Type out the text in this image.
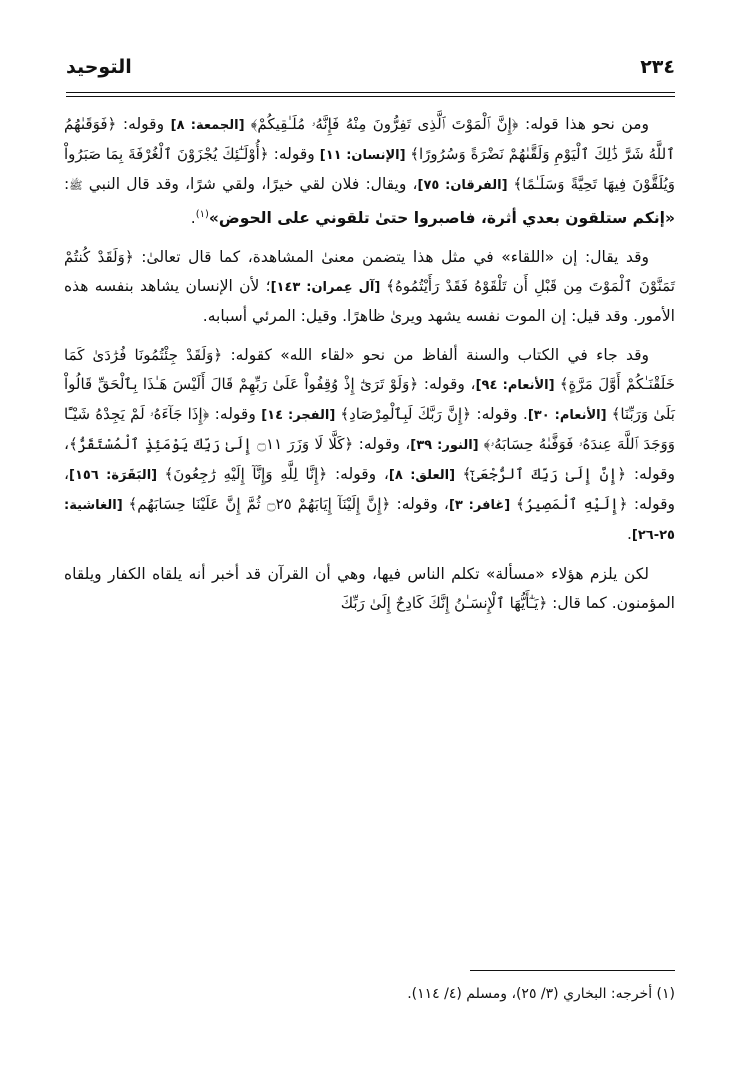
٢٣٤
التوحيد

ومن نحو هذا قوله: ﴿إِنَّ ٱلْمَوْتَ ٱلَّذِى تَفِرُّونَ مِنْهُ فَإِنَّهُۥ مُلَـٰقِيكُمْ﴾ [الجمعة: ٨] وقوله: ﴿فَوَقَىٰهُمُ ٱللَّهُ شَرَّ ذَٰلِكَ ٱلْيَوْمِ وَلَقَّىٰهُمْ نَضْرَةً وَسُرُورًا﴾ [الإنسان: ١١] وقوله: ﴿أُوْلَـٰٓئِكَ يُجْزَوْنَ ٱلْغُرْفَةَ بِمَا صَبَرُواْ وَيُلَقَّوْنَ فِيهَا تَحِيَّةً وَسَلَـٰمًا﴾ [الفرقان: ٧٥]، ويقال: فلان لقي خيرًا، ولقي شرًا، وقد قال النبي ﷺ: «إنكم ستلقون بعدي أثرة، فاصبروا حتىٰ تلقوني على الحوض»$^{(١)}$.

وقد يقال: إن «اللقاء» في مثل هذا يتضمن معنىٰ المشاهدة، كما قال تعالىٰ: ﴿وَلَقَدْ كُنتُمْ تَمَنَّوْنَ ٱلْمَوْتَ مِن قَبْلِ أَن تَلْقَوْهُ فَقَدْ رَأَيْتُمُوهُ﴾ [آل عِمران: ١٤٣]؛ لأن الإنسان يشاهد بنفسه هذه الأمور. وقد قيل: إن الموت نفسه يشهد ويرىٰ ظاهرًا. وقيل: المرئي أسبابه.

وقد جاء في الكتاب والسنة ألفاظ من نحو «لقاء الله» كقوله: ﴿وَلَقَدْ جِئْتُمُونَا فُرَٰدَىٰ كَمَا خَلَقْنَـٰكُمْ أَوَّلَ مَرَّةٍ﴾ [الأنعام: ٩٤]، وقوله: ﴿وَلَوْ تَرَىٰٓ إِذْ وُقِفُواْ عَلَىٰ رَبِّهِمْ قَالَ أَلَيْسَ هَـٰذَا بِٱلْحَقِّ قَالُواْ بَلَىٰ وَرَبِّنَا﴾ [الأنعام: ٣٠]. وقوله: ﴿إِنَّ رَبَّكَ لَبِٱلْمِرْصَادِ﴾ [الفجر: ١٤] وقوله: ﴿إِذَا جَآءَهُۥ لَمْ يَجِدْهُ شَيْـًٔا وَوَجَدَ ٱللَّهَ عِندَهُۥ فَوَفَّىٰهُ حِسَابَهُۥ﴾ [النور: ٣٩]، وقوله: ﴿كَلَّا لَا وَزَرَ ۝١١ إِلَىٰ رَبِّكَ يَوْمَئِذٍ ٱلْمُسْتَقَرُّ﴾، وقوله: ﴿إِنَّ إِلَىٰ رَبِّكَ ٱلرُّجْعَىٰٓ﴾ [العلق: ٨]، وقوله: ﴿إِنَّا لِلَّهِ وَإِنَّآ إِلَيْهِ رَٰجِعُونَ﴾ [البَقَرَة: ١٥٦]، وقوله: ﴿إِلَيْهِ ٱلْمَصِيرُ﴾ [غافر: ٣]، وقوله: ﴿إِنَّ إِلَيْنَآ إِيَابَهُمْ ۝٢٥ ثُمَّ إِنَّ عَلَيْنَا حِسَابَهُم﴾ [الغاشية: ٢٥-٢٦].

لكن يلزم هؤلاء «مسألة» تكلم الناس فيها، وهي أن القرآن قد أخبر أنه يلقاه الكفار ويلقاه المؤمنون. كما قال: ﴿يَـٰٓأَيُّهَا ٱلْإِنسَـٰنُ إِنَّكَ كَادِحٌ إِلَىٰ رَبِّكَ

(١) أخرجه: البخاري (٣/ ٢٥)، ومسلم (٤/ ١١٤).
